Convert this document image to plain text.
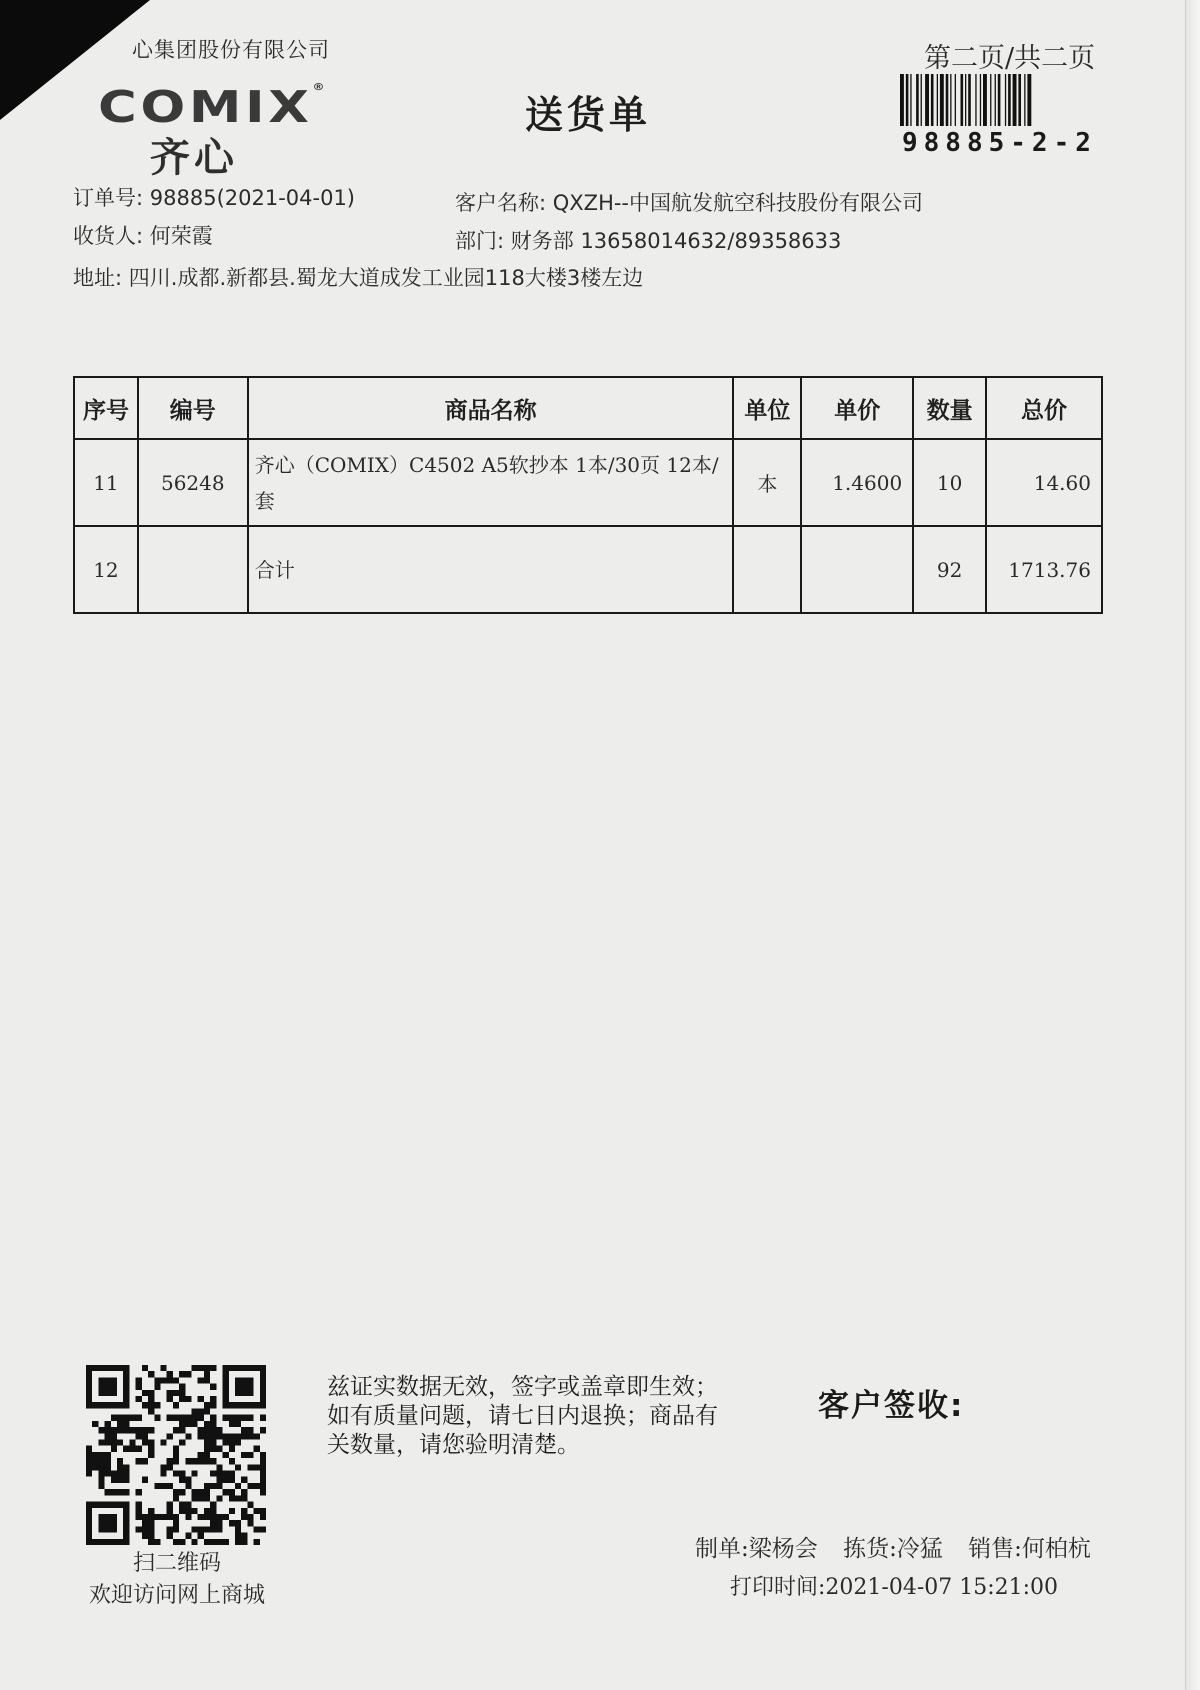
心集团股份有限公司	第二页/共二页
COMIX®
齐心
送货单
98885-2-2
订单号: 98885(2021-04-01)	客户名称: QXZH--中国航发航空科技股份有限公司
收货人: 何荣霞	部门: 财务部 13658014632/89358633
地址: 四川.成都.新都县.蜀龙大道成发工业园118大楼3楼左边
序号	编号	商品名称	单位	单价	数量	总价
11	56248	齐心（COMIX）C4502 A5软抄本 1本/30页 12本/套	本	1.4600	10	14.60
12		合计			92	1713.76
扫二维码
欢迎访问网上商城
兹证实数据无效，签字或盖章即生效；如有质量问题，请七日内退换；商品有关数量，请您验明清楚。
客户签收:
制单:梁杨会 拣货:冷猛 销售:何柏杭
打印时间:2021-04-07 15:21:00
